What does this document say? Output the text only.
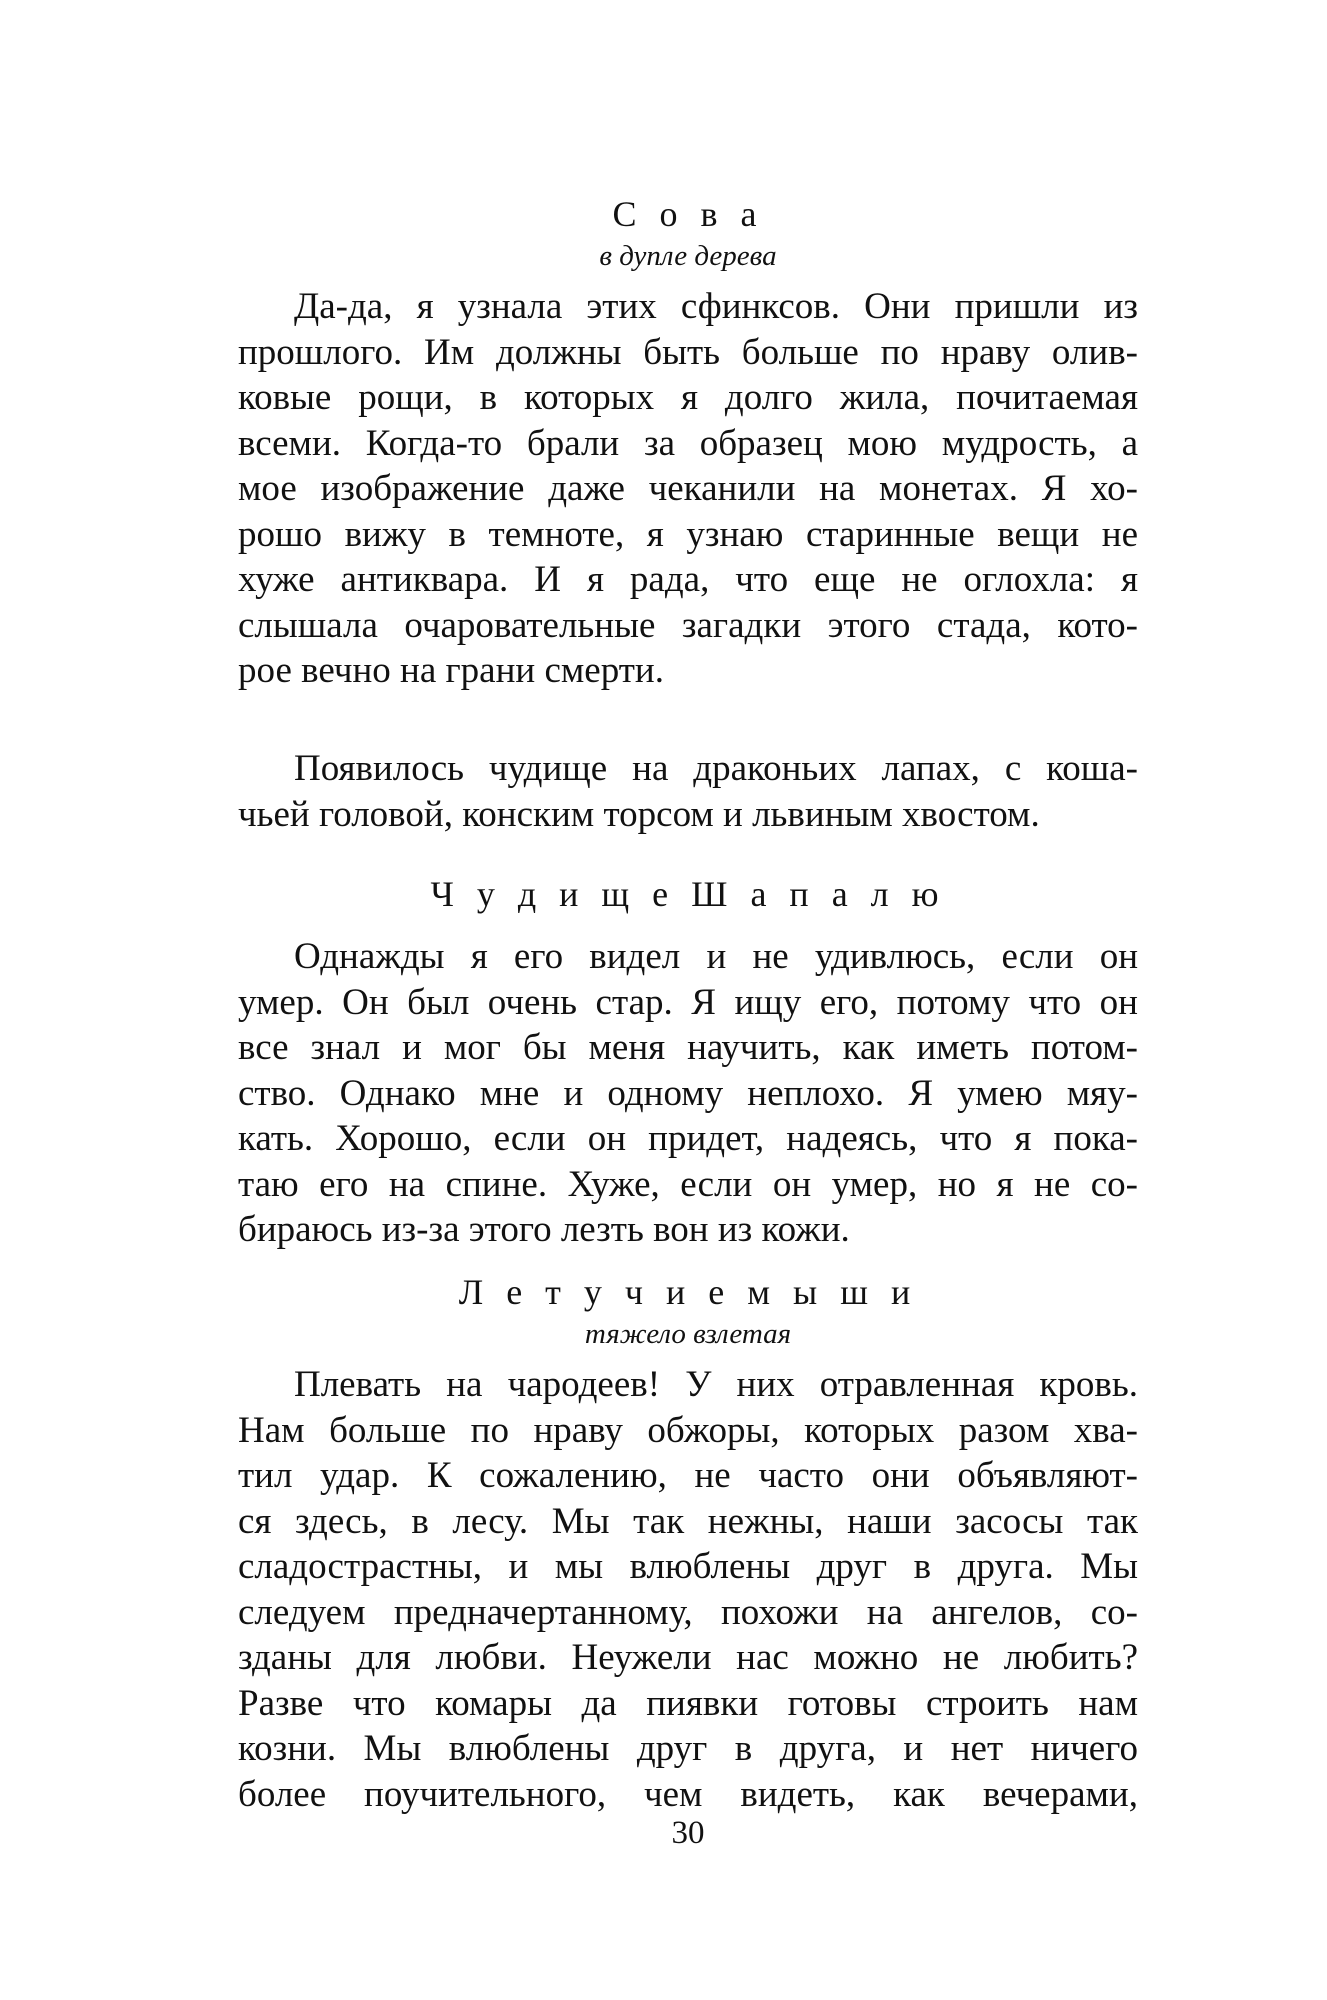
С о в а

в дупле дерева

Да-да, я узнала этих сфинксов. Они пришли из
прошлого. Им должны быть больше по нраву олив-
ковые рощи, в которых я долго жила, почитаемая
всеми. Когда-то брали за образец мою мудрость, а
мое изображение даже чеканили на монетах. Я хо-
рошо вижу в темноте, я узнаю старинные вещи не
хуже антиквара. И я рада, что еще не оглохла: я
слышала очаровательные загадки этого стада, кото-
рое вечно на грани смерти.
Появилось чудище на драконьих лапах, с коша-
чьей головой, конским торсом и львиным хвостом.

Ч у д и щ е Ш а п а л ю

Однажды я его видел и не удивлюсь, если он
умер. Он был очень стар. Я ищу его, потому что он
все знал и мог бы меня научить, как иметь потом-
ство. Однако мне и одному неплохо. Я умею мяу-
кать. Хорошо, если он придет, надеясь, что я пока-
таю его на спине. Хуже, если он умер, но я не со-
бираюсь из-за этого лезть вон из кожи.

Л е т у ч и е м ы ш и

тяжело взлетая

Плевать на чародеев! У них отравленная кровь.
Нам больше по нраву обжоры, которых разом хва-
тил удар. К сожалению, не часто они объявляют-
ся здесь, в лесу. Мы так нежны, наши засосы так
сладострастны, и мы влюблены друг в друга. Мы
следуем предначертанному, похожи на ангелов, со-
зданы для любви. Неужели нас можно не любить?
Разве что комары да пиявки готовы строить нам
козни. Мы влюблены друг в друга, и нет ничего
более поучительного, чем видеть, как вечерами,
30
